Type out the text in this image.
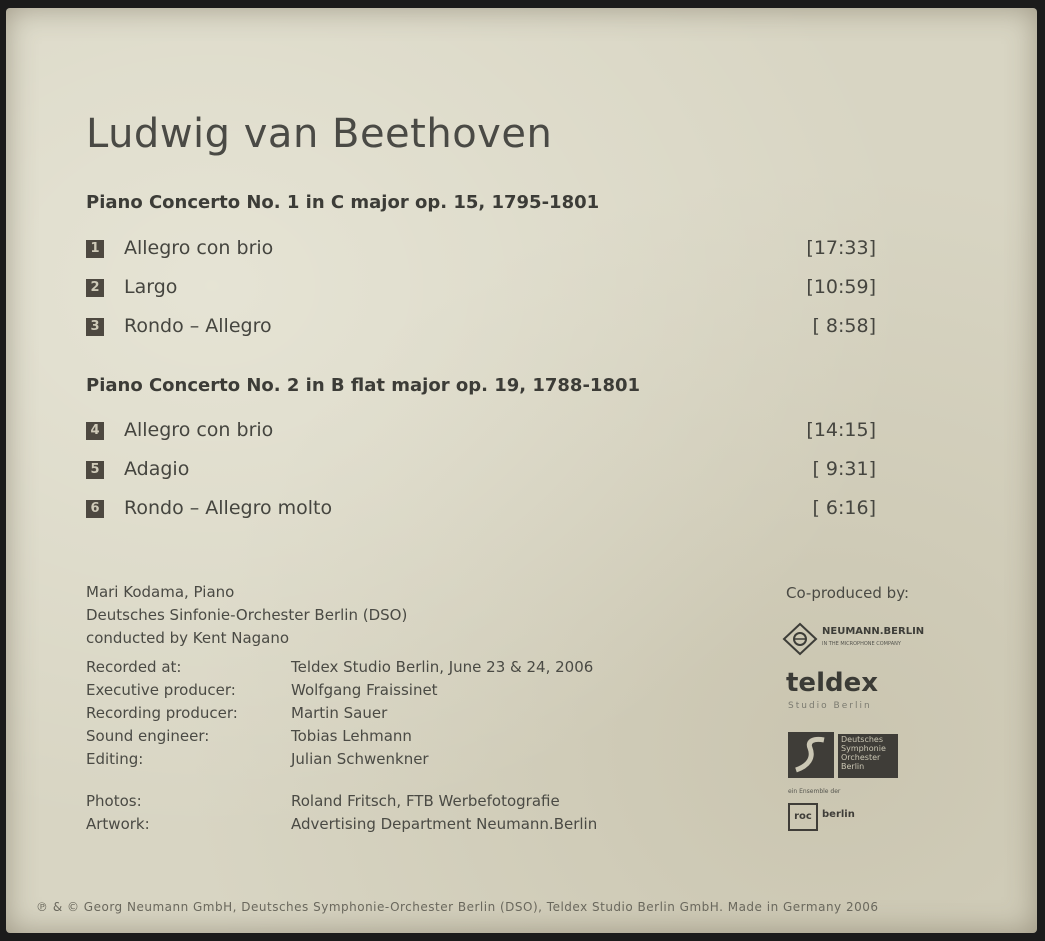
Ludwig van Beethoven
Piano Concerto No. 1 in C major op. 15, 1795-1801
1 Allegro con brio	[17:33]
2 Largo	[10:59]
3 Rondo – Allegro	[ 8:58]
Piano Concerto No. 2 in B flat major op. 19, 1788-1801
4 Allegro con brio	[14:15]
5 Adagio	[ 9:31]
6 Rondo – Allegro molto	[ 6:16]
Mari Kodama, Piano
Deutsches Sinfonie-Orchester Berlin (DSO)
conducted by Kent Nagano
Recorded at:	Teldex Studio Berlin, June 23 & 24, 2006
Executive producer:	Wolfgang Fraissinet
Recording producer:	Martin Sauer
Sound engineer:	Tobias Lehmann
Editing:	Julian Schwenkner
Photos:	Roland Fritsch, FTB Werbefotografie
Artwork:	Advertising Department Neumann.Berlin
Co-produced by:
NEUMANN.BERLIN
IN THE MICROPHONE COMPANY
teldex
Studio Berlin
Deutsches
Symphonie
Orchester
Berlin
ein Ensemble der
roc	berlin
℗ & © Georg Neumann GmbH, Deutsches Symphonie-Orchester Berlin (DSO), Teldex Studio Berlin GmbH. Made in Germany 2006
